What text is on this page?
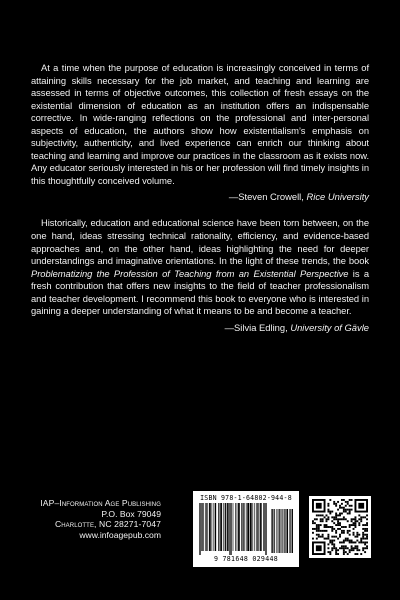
At a time when the purpose of education is increasingly conceived in terms of attaining skills necessary for the job market, and teaching and learning are assessed in terms of objective outcomes, this collection of fresh essays on the existential dimension of education as an institution offers an indispensable corrective. In wide-ranging reflections on the professional and inter-personal aspects of education, the authors show how existentialism’s emphasis on subjectivity, authenticity, and lived experience can enrich our thinking about teaching and learning and improve our practices in the classroom as it exists now. Any educator seriously interested in his or her profession will find timely insights in this thoughtfully conceived volume.

—Steven Crowell, Rice University

Historically, education and educational science have been torn between, on the one hand, ideas stressing technical rationality, efficiency, and evidence-based approaches and, on the other hand, ideas highlighting the need for deeper understandings and imaginative orientations. In the light of these trends, the book Problematizing the Profession of Teaching from an Existential Perspective is a fresh contribution that offers new insights to the field of teacher professionalism and teacher development. I recommend this book to everyone who is interested in gaining a deeper understanding of what it means to be and become a teacher.

—Silvia Edling, University of Gävle

IAP–Information Age Publishing
P.O. Box 79049
Charlotte, NC 28271-7047
www.infoagepub.com
ISBN 978-1-64802-944-8
9 781648 029448
